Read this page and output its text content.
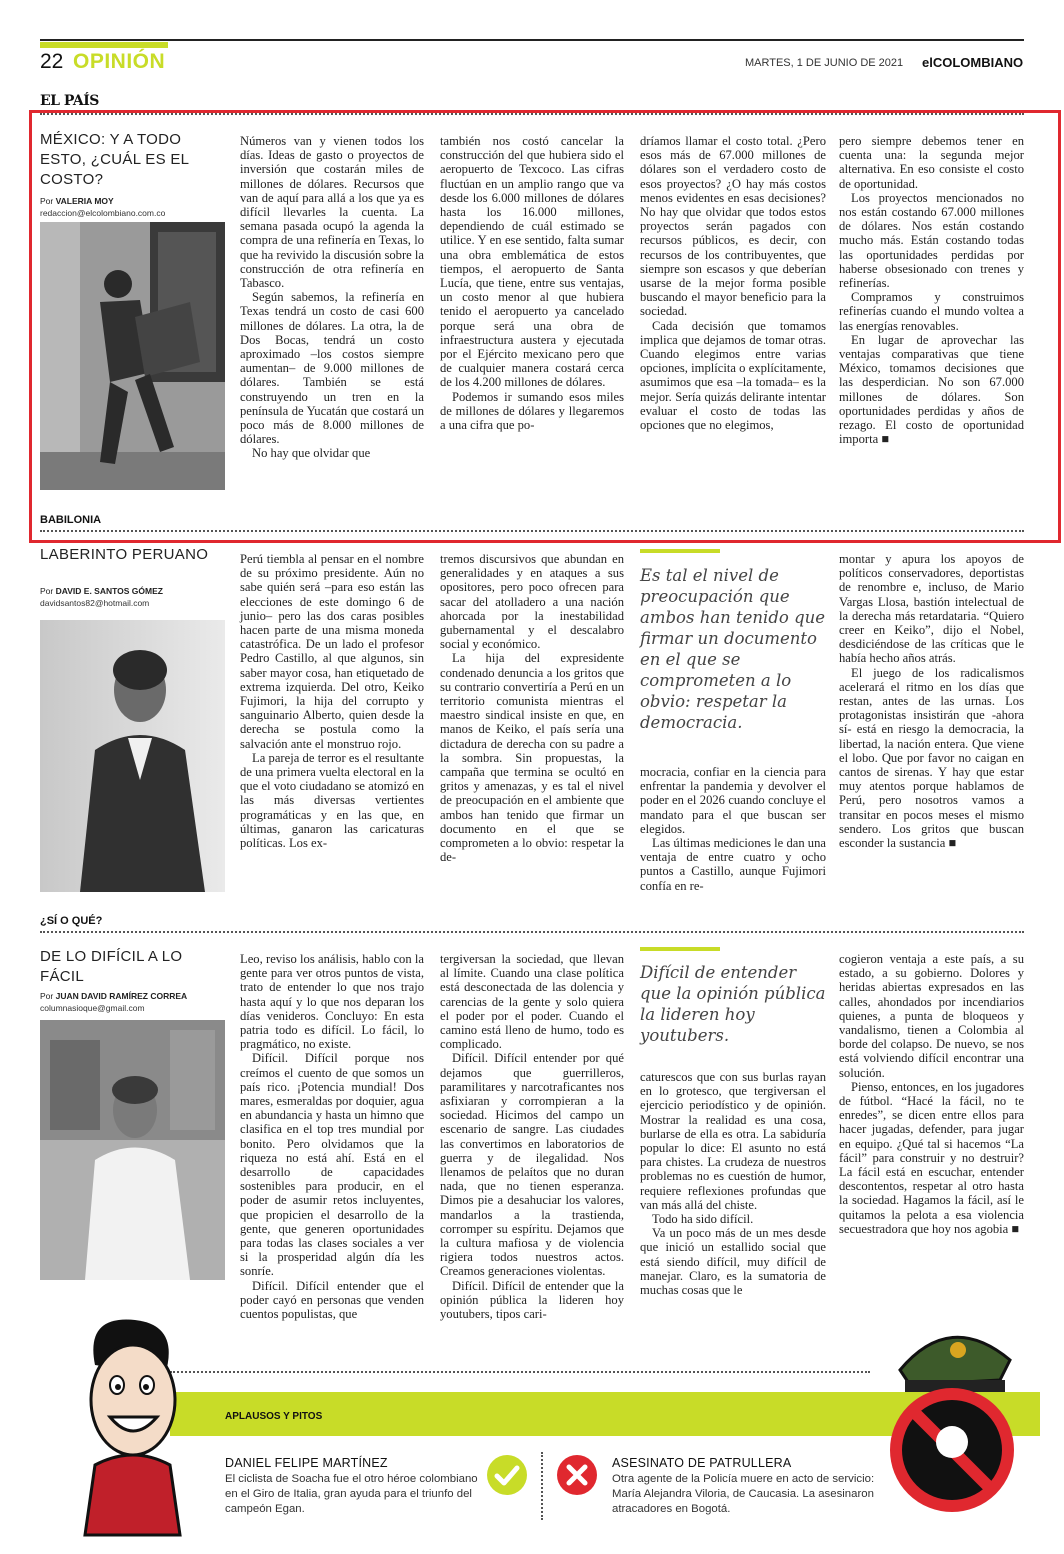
22 OPINIÓN	MARTES, 1 DE JUNIO DE 2021 elCOLOMBIANO
EL PAÍS
MÉXICO: Y A TODO ESTO, ¿CUÁL ES EL COSTO?
Por VALERIA MOY
redaccion@elcolombiano.com.co

Números van y vienen todos los días. Ideas de gasto o proyectos de inversión que costarán miles de millones de dólares. Recursos que van de aquí para allá a los que ya es difícil llevarles la cuenta. La semana pasada ocupó la agenda la compra de una refinería en Texas, lo que ha revivido la discusión sobre la construcción de otra refinería en Tabasco.

Según sabemos, la refinería en Texas tendrá un costo de casi 600 millones de dólares. La otra, la de Dos Bocas, tendrá un costo aproximado –los costos siempre aumentan– de 9.000 millones de dólares. También se está construyendo un tren en la península de Yucatán que costará un poco más de 8.000 millones de dólares.

No hay que olvidar que

también nos costó cancelar la construcción del que hubiera sido el aeropuerto de Texcoco. Las cifras fluctúan en un amplio rango que va desde los 6.000 millones de dólares hasta los 16.000 millones, dependiendo de cuál estimado se utilice. Y en ese sentido, falta sumar una obra emblemática de estos tiempos, el aeropuerto de Santa Lucía, que tiene, entre sus ventajas, un costo menor al que hubiera tenido el aeropuerto ya cancelado porque será una obra de infraestructura austera y ejecutada por el Ejército mexicano pero que de cualquier manera costará cerca de los 4.200 millones de dólares.

Podemos ir sumando esos miles de millones de dólares y llegaremos a una cifra que po-

dríamos llamar el costo total. ¿Pero esos más de 67.000 millones de dólares son el verdadero costo de esos proyectos? ¿O hay más costos menos evidentes en esas decisiones? No hay que olvidar que todos estos proyectos serán pagados con recursos públicos, es decir, con recursos de los contribuyentes, que siempre son escasos y que deberían usarse de la mejor forma posible buscando el mayor beneficio para la sociedad.

Cada decisión que tomamos implica que dejamos de tomar otras. Cuando elegimos entre varias opciones, implícita o explícitamente, asumimos que esa –la tomada– es la mejor. Sería quizás delirante intentar evaluar el costo de todas las opciones que no elegimos,

pero siempre debemos tener en cuenta una: la segunda mejor alternativa. En eso consiste el costo de oportunidad.

Los proyectos mencionados no nos están costando 67.000 millones de dólares. Nos están costando mucho más. Están costando todas las oportunidades perdidas por haberse obsesionado con trenes y refinerías.

Compramos y construimos refinerías cuando el mundo voltea a las energías renovables.

En lugar de aprovechar las ventajas comparativas que tiene México, tomamos decisiones que las desperdician. No son 67.000 millones de dólares. Son oportunidades perdidas y años de rezago. El costo de oportunidad importa ■

BABILONIA
LABERINTO PERUANO
Por DAVID E. SANTOS GÓMEZ
davidsantos82@hotmail.com

Perú tiembla al pensar en el nombre de su próximo presidente. Aún no sabe quién será –para eso están las elecciones de este domingo 6 de junio– pero las dos caras posibles hacen parte de una misma moneda catastrófica. De un lado el profesor Pedro Castillo, al que algunos, sin saber mayor cosa, han etiquetado de extrema izquierda. Del otro, Keiko Fujimori, la hija del corrupto y sanguinario Alberto, quien desde la derecha se postula como la salvación ante el monstruo rojo.

La pareja de terror es el resultante de una primera vuelta electoral en la que el voto ciudadano se atomizó en las más diversas vertientes programáticas y en las que, en últimas, ganaron las caricaturas políticas. Los ex-

tremos discursivos que abundan en generalidades y en ataques a sus opositores, pero poco ofrecen para sacar del atolladero a una nación ahorcada por la inestabilidad gubernamental y el descalabro social y económico.

La hija del expresidente condenado denuncia a los gritos que su contrario convertiría a Perú en un territorio comunista mientras el maestro sindical insiste en que, en manos de Keiko, el país sería una dictadura de derecha con su padre a la sombra. Sin propuestas, la campaña que termina se ocultó en gritos y amenazas, y es tal el nivel de preocupación en el ambiente que ambos han tenido que firmar un documento en el que se comprometen a lo obvio: respetar la de-

Es tal el nivel de preocupación que ambos han tenido que firmar un documento en el que se comprometen a lo obvio: respetar la democracia.

mocracia, confiar en la ciencia para enfrentar la pandemia y devolver el poder en el 2026 cuando concluye el mandato para el que buscan ser elegidos.

Las últimas mediciones le dan una ventaja de entre cuatro y ocho puntos a Castillo, aunque Fujimori confía en re-

montar y apura los apoyos de políticos conservadores, deportistas de renombre e, incluso, de Mario Vargas Llosa, bastión intelectual de la derecha más retardataria. “Quiero creer en Keiko”, dijo el Nobel, desdiciéndose de las críticas que le había hecho años atrás.

El juego de los radicalismos acelerará el ritmo en los días que restan, antes de las urnas. Los protagonistas insistirán que -ahora sí- está en riesgo la democracia, la libertad, la nación entera. Que viene el lobo. Que por favor no caigan en cantos de sirenas. Y hay que estar muy atentos porque hablamos de Perú, pero nosotros vamos a transitar en pocos meses el mismo sendero. Los gritos que buscan esconder la sustancia ■

¿SÍ O QUÉ?
DE LO DIFÍCIL A LO FÁCIL
Por JUAN DAVID RAMÍREZ CORREA
columnasioque@gmail.com

Leo, reviso los análisis, hablo con la gente para ver otros puntos de vista, trato de entender lo que nos trajo hasta aquí y lo que nos deparan los días venideros. Concluyo: En esta patria todo es difícil. Lo fácil, lo pragmático, no existe.

Difícil. Difícil porque nos creímos el cuento de que somos un país rico. ¡Potencia mundial! Dos mares, esmeraldas por doquier, agua en abundancia y hasta un himno que clasifica en el top tres mundial por bonito. Pero olvidamos que la riqueza no está ahí. Está en el desarrollo de capacidades sostenibles para producir, en el poder de asumir retos incluyentes, que propicien el desarrollo de la gente, que generen oportunidades para todas las clases sociales a ver si la prosperidad algún día les sonríe.

Difícil. Difícil entender que el poder cayó en personas que venden cuentos populistas, que

tergiversan la sociedad, que llevan al límite. Cuando una clase política está desconectada de las dolencia y carencias de la gente y solo quiera el poder por el poder. Cuando el camino está lleno de humo, todo es complicado.

Difícil. Difícil entender por qué dejamos que guerrilleros, paramilitares y narcotraficantes nos asfixiaran y corrompieran a la sociedad. Hicimos del campo un escenario de sangre. Las ciudades las convertimos en laboratorios de guerra y de ilegalidad. Nos llenamos de pelaítos que no duran nada, que no tienen esperanza. Dimos pie a desahuciar los valores, mandarlos a la trastienda, corromper su espíritu. Dejamos que la cultura mafiosa y de violencia rigiera todos nuestros actos. Creamos generaciones violentas.

Difícil. Difícil de entender que la opinión pública la lideren hoy youtubers, tipos cari-

Difícil de entender que la opinión pública la lideren hoy youtubers.

caturescos que con sus burlas rayan en lo grotesco, que tergiversan el ejercicio periodístico y de opinión. Mostrar la realidad es una cosa, burlarse de ella es otra. La sabiduría popular lo dice: El asunto no está para chistes. La crudeza de nuestros problemas no es cuestión de humor, requiere reflexiones profundas que van más allá del chiste.

Todo ha sido difícil.

Va un poco más de un mes desde que inició un estallido social que está siendo difícil, muy difícil de manejar. Claro, es la sumatoria de muchas cosas que le

cogieron ventaja a este país, a su estado, a su gobierno. Dolores y heridas abiertas expresados en las calles, ahondados por incendiarios quienes, a punta de bloqueos y vandalismo, tienen a Colombia al borde del colapso. De nuevo, se nos está volviendo difícil encontrar una solución.

Pienso, entonces, en los jugadores de fútbol. “Hacé la fácil, no te enredes”, se dicen entre ellos para hacer jugadas, defender, para jugar en equipo. ¿Qué tal si hacemos “La fácil” para construir y no destruir? La fácil está en escuchar, entender descontentos, respetar al otro hasta la sociedad. Hagamos la fácil, así le quitamos la pelota a esa violencia secuestradora que hoy nos agobia ■

APLAUSOS Y PITOS
DANIEL FELIPE MARTÍNEZ
El ciclista de Soacha fue el otro héroe colombiano en el Giro de Italia, gran ayuda para el triunfo del campeón Egan.
ASESINATO DE PATRULLERA
Otra agente de la Policía muere en acto de servicio: María Alejandra Viloria, de Caucasia. La asesinaron atracadores en Bogotá.
